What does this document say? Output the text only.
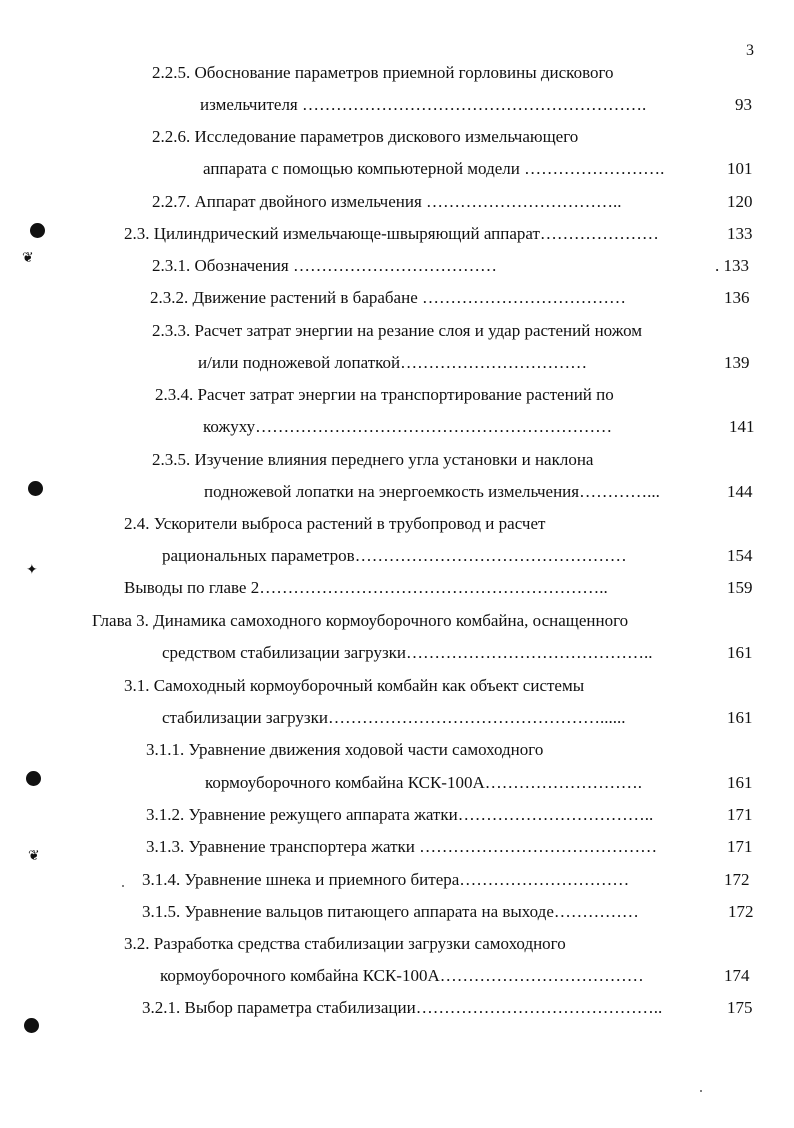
3
❦
✦
❦
2.2.5. Обоснование параметров приемной горловины дискового
измельчителя …………………………………………………….	93
2.2.6. Исследование параметров дискового измельчающего
аппарата с помощью компьютерной модели …………………….	101
2.2.7. Аппарат двойного измельчения ……………………………..	120
2.3. Цилиндрический измельчающе-швыряющий аппарат…………………	133
2.3.1. Обозначения ………………………………	. 133
2.3.2. Движение растений в барабане ………………………………	136
2.3.3. Расчет затрат энергии на резание слоя и удар растений ножом
и/или подножевой лопаткой……………………………	139
2.3.4. Расчет затрат энергии на транспортирование растений по
кожуху………………………………………………………	141
2.3.5. Изучение влияния переднего угла установки и наклона
подножевой лопатки на энергоемкость измельчения…………...	144
2.4. Ускорители выброса растений в трубопровод и расчет
рациональных параметров…………………………………………	154
Выводы по главе 2……………………………………………………..	159
Глава 3. Динамика самоходного кормоуборочного комбайна, оснащенного
средством стабилизации загрузки……………………………………..	161
3.1. Самоходный кормоуборочный комбайн как объект системы
стабилизации загрузки…………………………………………......	161
3.1.1. Уравнение движения ходовой части самоходного
кормоуборочного комбайна КСК-100А……………………….	161
3.1.2. Уравнение режущего аппарата жатки……………………………..	171
3.1.3. Уравнение транспортера жатки ……………………………………	171
3.1.4. Уравнение шнека и приемного битера…………………………	172
3.1.5. Уравнение вальцов питающего аппарата на выходе……………	172
3.2. Разработка средства стабилизации загрузки самоходного
кормоуборочного комбайна КСК-100А………………………………	174
3.2.1. Выбор параметра стабилизации……………………………………..	175
